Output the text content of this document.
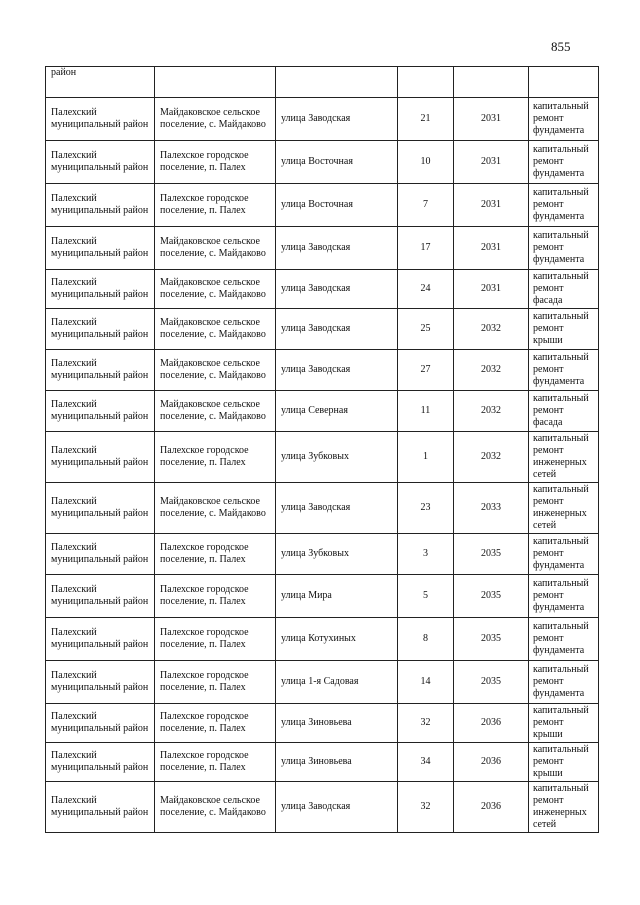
855
район					
Палехский муниципальный район	Майдаковское сельское поселение, с. Майдаково	улица Заводская	21	2031	капитальный ремонт фундамента
Палехский муниципальный район	Палехское городское поселение, п. Палех	улица Восточная	10	2031	капитальный ремонт фундамента
Палехский муниципальный район	Палехское городское поселение, п. Палех	улица Восточная	7	2031	капитальный ремонт фундамента
Палехский муниципальный район	Майдаковское сельское поселение, с. Майдаково	улица Заводская	17	2031	капитальный ремонт фундамента
Палехский муниципальный район	Майдаковское сельское поселение, с. Майдаково	улица Заводская	24	2031	капитальный ремонт фасада
Палехский муниципальный район	Майдаковское сельское поселение, с. Майдаково	улица Заводская	25	2032	капитальный ремонт крыши
Палехский муниципальный район	Майдаковское сельское поселение, с. Майдаково	улица Заводская	27	2032	капитальный ремонт фундамента
Палехский муниципальный район	Майдаковское сельское поселение, с. Майдаково	улица Северная	11	2032	капитальный ремонт фасада
Палехский муниципальный район	Палехское городское поселение, п. Палех	улица Зубковых	1	2032	капитальный ремонт инженерных сетей
Палехский муниципальный район	Майдаковское сельское поселение, с. Майдаково	улица Заводская	23	2033	капитальный ремонт инженерных сетей
Палехский муниципальный район	Палехское городское поселение, п. Палех	улица Зубковых	3	2035	капитальный ремонт фундамента
Палехский муниципальный район	Палехское городское поселение, п. Палех	улица Мира	5	2035	капитальный ремонт фундамента
Палехский муниципальный район	Палехское городское поселение, п. Палех	улица Котухиных	8	2035	капитальный ремонт фундамента
Палехский муниципальный район	Палехское городское поселение, п. Палех	улица 1-я Садовая	14	2035	капитальный ремонт фундамента
Палехский муниципальный район	Палехское городское поселение, п. Палех	улица Зиновьева	32	2036	капитальный ремонт крыши
Палехский муниципальный район	Палехское городское поселение, п. Палех	улица Зиновьева	34	2036	капитальный ремонт крыши
Палехский муниципальный район	Майдаковское сельское поселение, с. Майдаково	улица Заводская	32	2036	капитальный ремонт инженерных сетей
